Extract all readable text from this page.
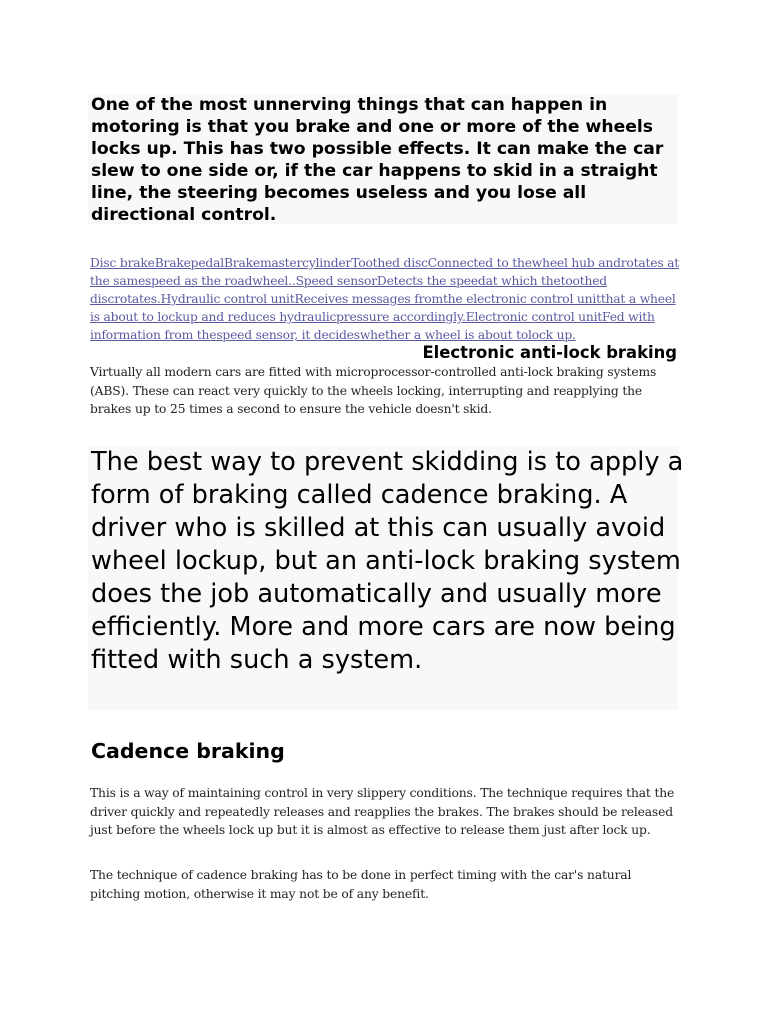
One of the most unnerving things that can happen in motoring is that you brake and one or more of the wheels locks up. This has two possible effects. It can make the car slew to one side or, if the car happens to skid in a straight line, the steering becomes useless and you lose all directional control.

Disc brakeBrakepedalBrakemastercylinderToothed discConnected to thewheel hub androtates at the samespeed as the roadwheel..Speed sensorDetects the speedat which thetoothed discrotates.Hydraulic control unitReceives messages fromthe electronic control unitthat a wheel is about to lockup and reduces hydraulicpressure accordingly.Electronic control unitFed with information from thespeed sensor, it decideswhether a wheel is about tolock up.

Electronic anti-lock braking

Virtually all modern cars are fitted with microprocessor-controlled anti-lock braking systems (ABS). These can react very quickly to the wheels locking, interrupting and reapplying the brakes up to 25 times a second to ensure the vehicle doesn't skid.

The best way to prevent skidding is to apply a form of braking called cadence braking. A driver who is skilled at this can usually avoid wheel lockup, but an anti-lock braking system does the job automatically and usually more efficiently. More and more cars are now being fitted with such a system.

Cadence braking

This is a way of maintaining control in very slippery conditions. The technique requires that the driver quickly and repeatedly releases and reapplies the brakes. The brakes should be released just before the wheels lock up but it is almost as effective to release them just after lock up.

The technique of cadence braking has to be done in perfect timing with the car's natural pitching motion, otherwise it may not be of any benefit.
